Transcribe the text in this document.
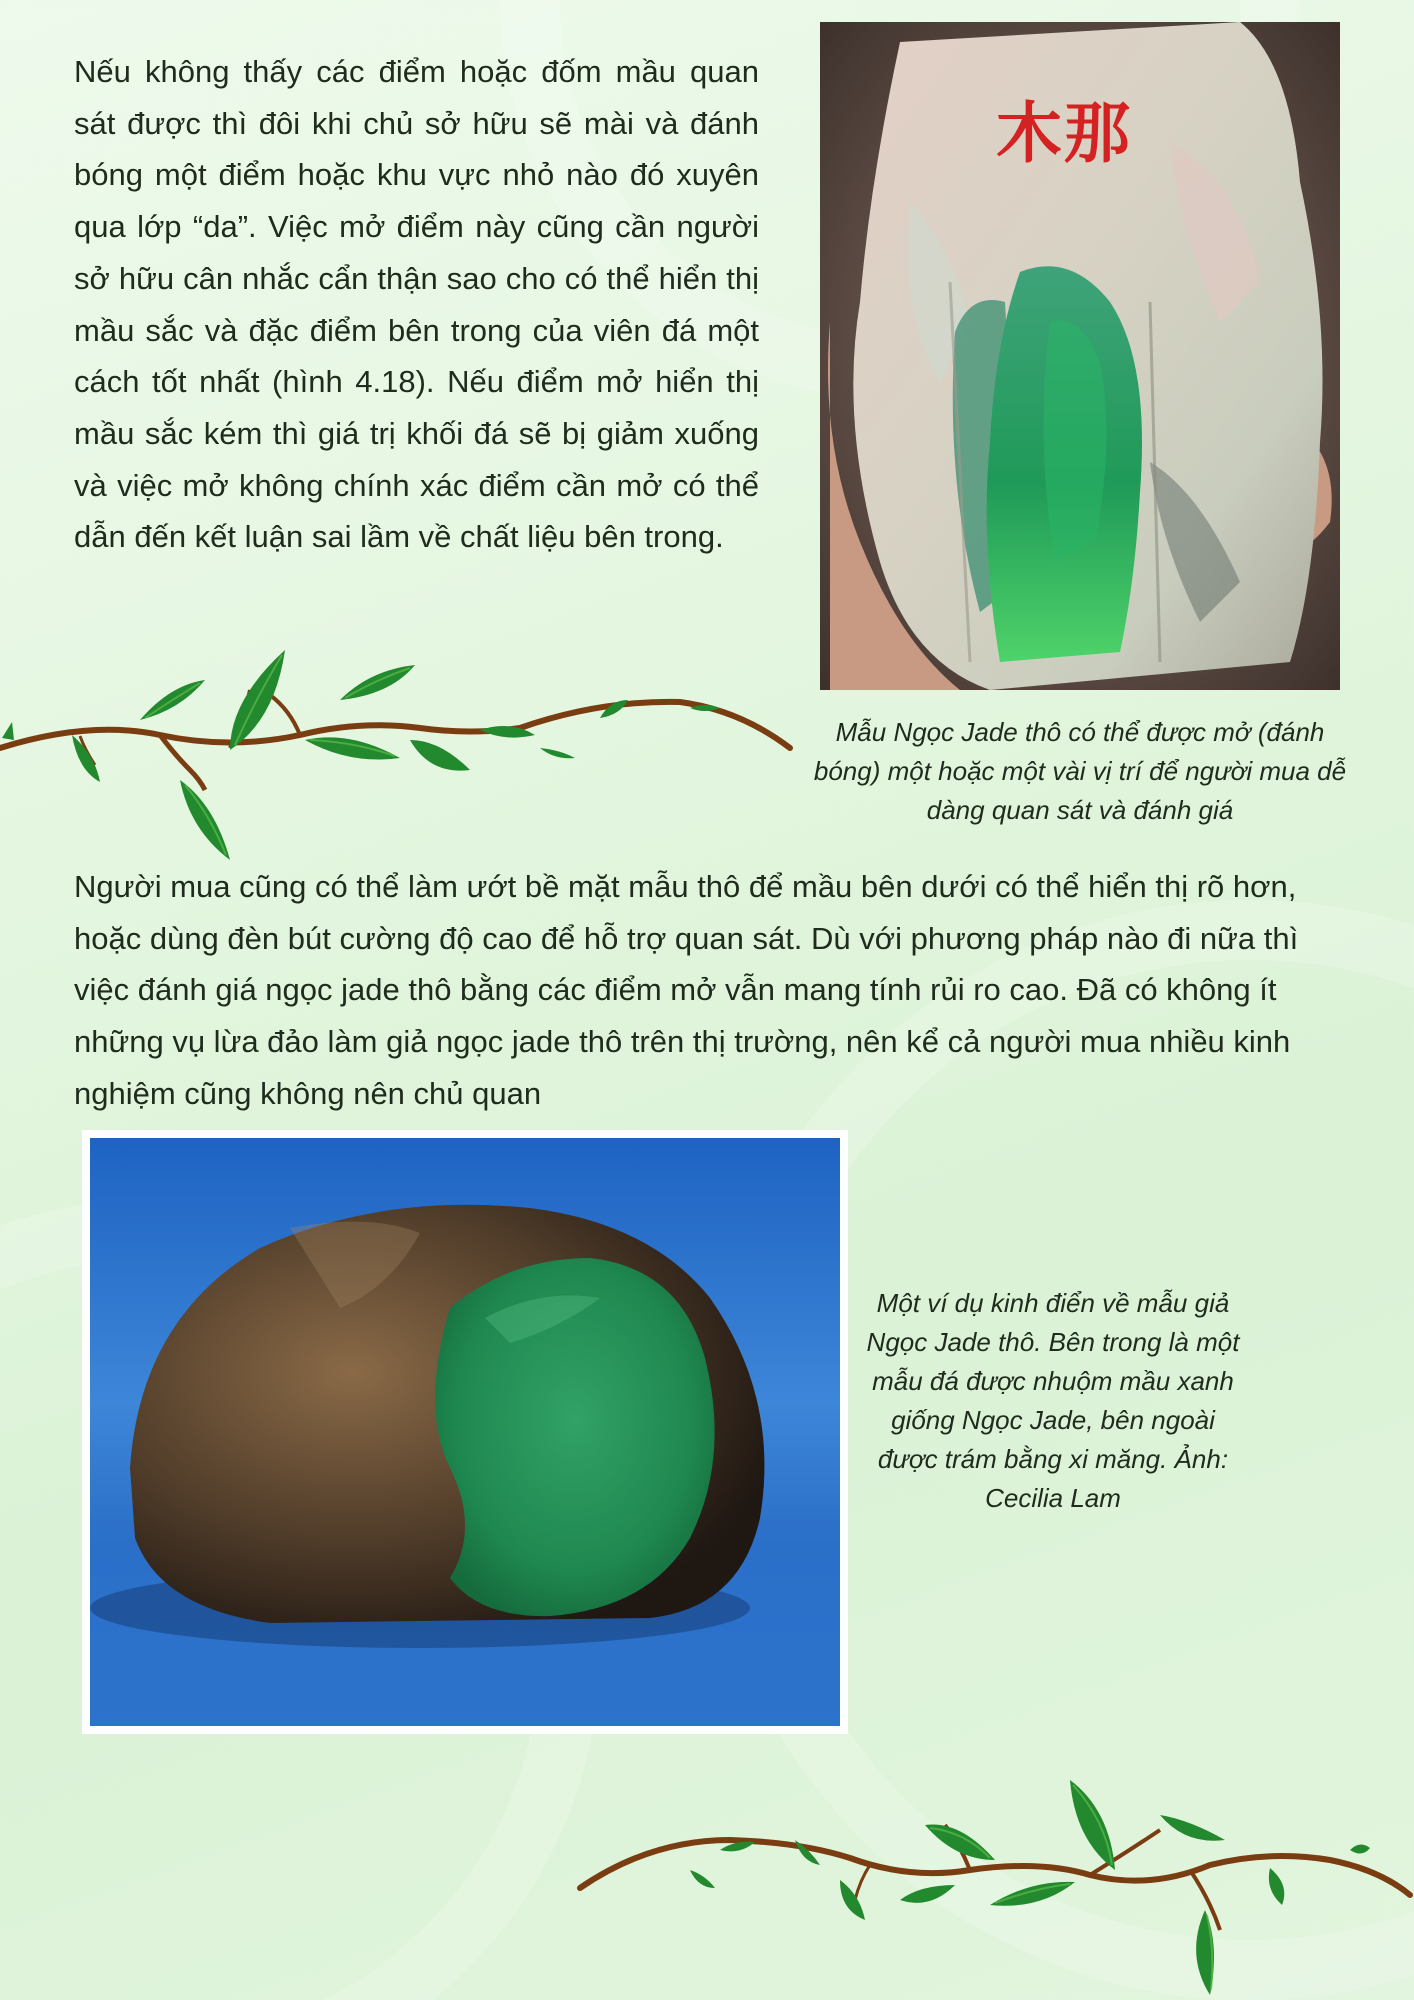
Nếu không thấy các điểm hoặc đốm mầu quan sát được thì đôi khi chủ sở hữu sẽ mài và đánh bóng một điểm hoặc khu vực nhỏ nào đó xuyên qua lớp “da”. Việc mở điểm này cũng cần người sở hữu cân nhắc cẩn thận sao cho có thể hiển thị mầu sắc và đặc điểm bên trong của viên đá một cách tốt nhất (hình 4.18). Nếu điểm mở hiển thị mầu sắc kém thì giá trị khối đá sẽ bị giảm xuống và việc mở không chính xác điểm cần mở có thể dẫn đến kết luận sai lầm về chất liệu bên trong.

木那

Mẫu Ngọc Jade thô có thể được mở (đánh bóng) một hoặc một vài vị trí để người mua dễ dàng quan sát và đánh giá

Người mua cũng có thể làm ướt bề mặt mẫu thô để mầu bên dưới có thể hiển thị rõ hơn, hoặc dùng đèn bút cường độ cao để hỗ trợ quan sát. Dù với phương pháp nào đi nữa thì việc đánh giá ngọc jade thô bằng các điểm mở vẫn mang tính rủi ro cao. Đã có không ít những vụ lừa đảo làm giả ngọc jade thô trên thị trường, nên kể cả người mua nhiều kinh nghiệm cũng không nên chủ quan

Một ví dụ kinh điển về mẫu giả Ngọc Jade thô. Bên trong là một mẫu đá được nhuộm mầu xanh giống Ngọc Jade, bên ngoài được trám bằng xi măng. Ảnh: Cecilia Lam
